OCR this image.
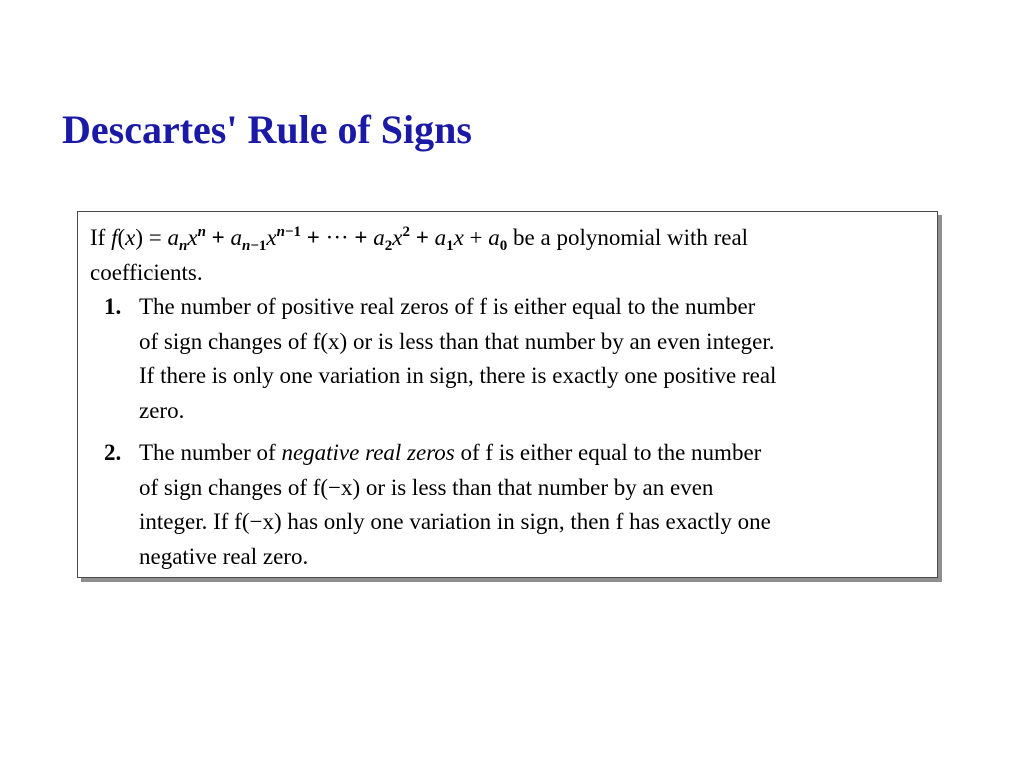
Descartes' Rule of Signs

If $f(x) = a_nx^n + a_{n-1}x^{n-1}$ + ··· + $a_2x^2 + a_1x + a_0$ be a polynomial with real
coefficients.

1. The number of positive real zeros of f is either equal to the number
of sign changes of f(x) or is less than that number by an even integer.
If there is only one variation in sign, there is exactly one positive real
zero.
2. The number of negative real zeros of f is either equal to the number
of sign changes of f(−x) or is less than that number by an even
integer. If f(−x) has only one variation in sign, then f has exactly one
negative real zero.
